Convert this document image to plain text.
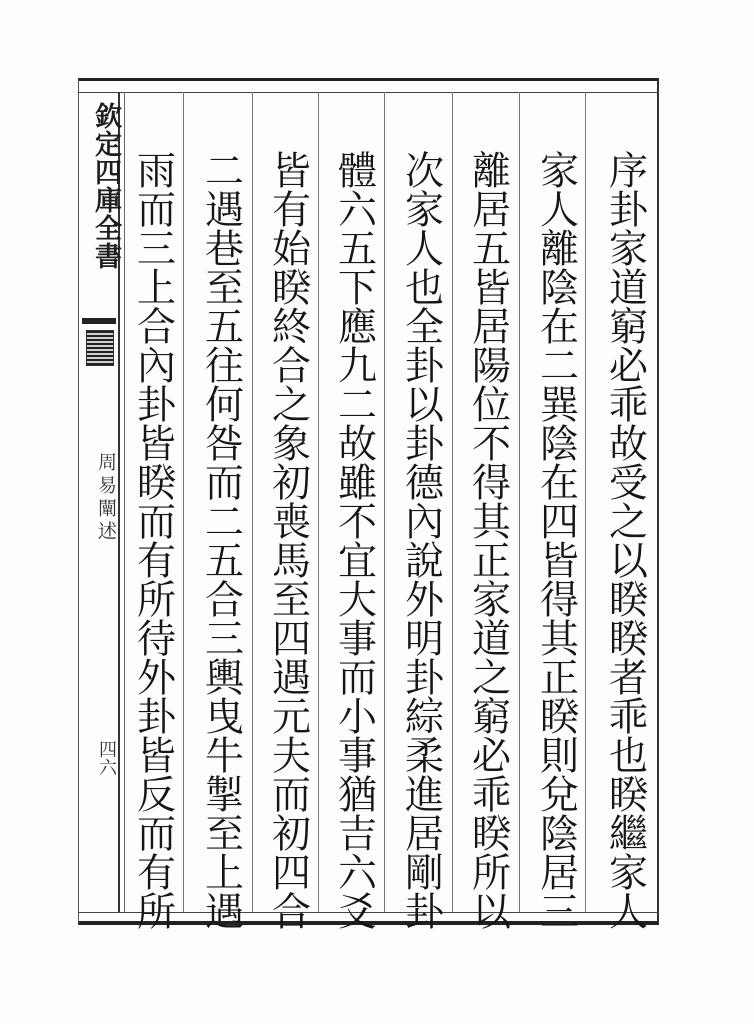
欽定四庫全書
周易闡述
四六	序卦家道窮必乖故受之以睽睽者乖也睽繼家人
家人離陰在二巽陰在四皆得其正睽則兌陰居三
離居五皆居陽位不得其正家道之窮必乖睽所以
次家人也全卦以卦德內說外明卦綜柔進居剛卦
體六五下應九二故雖不宜大事而小事猶吉六爻
皆有始睽終合之象初喪馬至四遇元夫而初四合
二遇巷至五往何咎而二五合三輿曳牛掣至上遇
雨而三上合內卦皆睽而有所待外卦皆反而有所
